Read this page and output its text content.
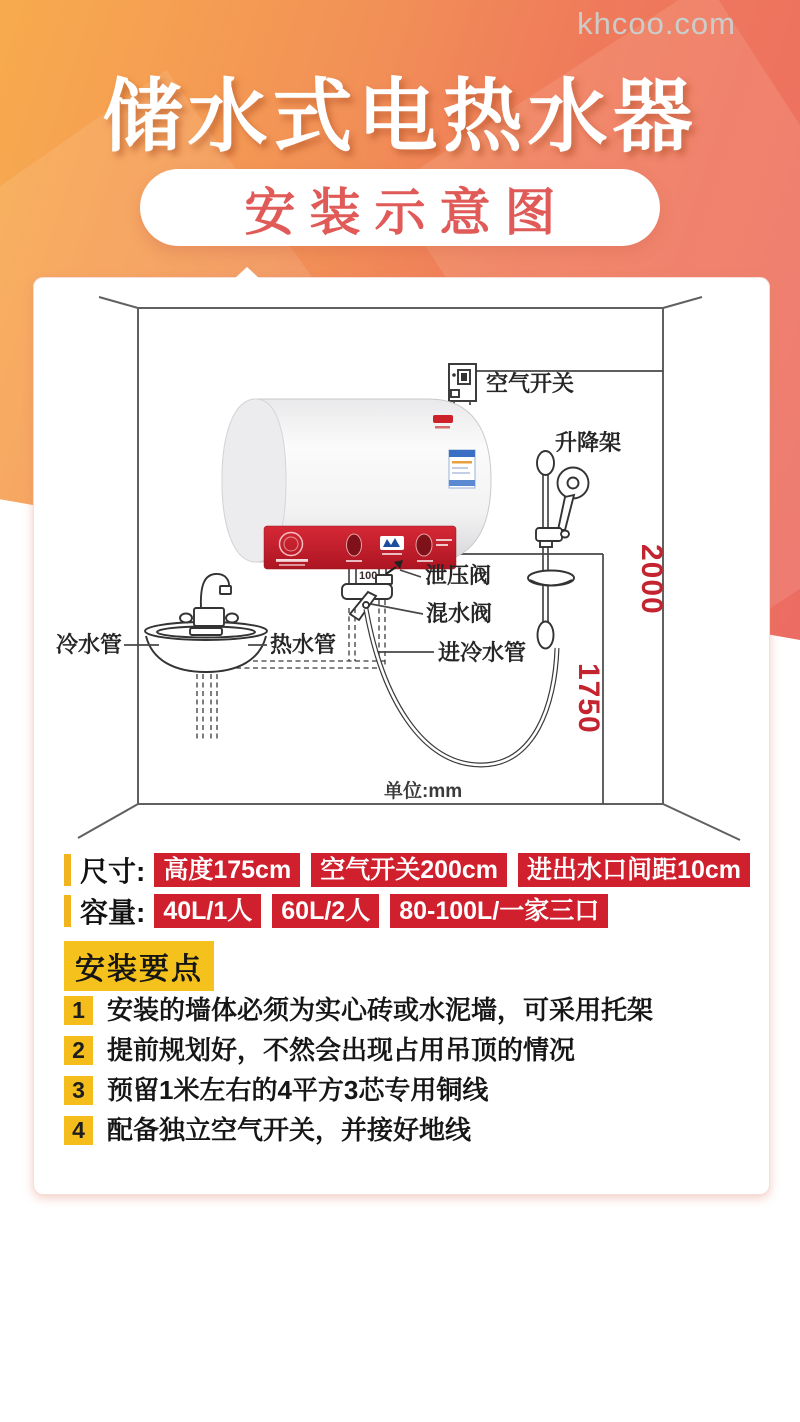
khcoo.com
储水式电热水器
安装示意图
100
空气开关
升降架
泄压阀
混水阀
进冷水管
冷水管	热水管
单位:mm
2000
1750
尺寸: 高度175cm	空气开关200cm	进出水口间距10cm
容量: 40L/1人	60L/2人	80-100L/一家三口
安装要点
1 安装的墙体必须为实心砖或水泥墙，可采用托架
2 提前规划好，不然会出现占用吊顶的情况
3 预留1米左右的4平方3芯专用铜线
4 配备独立空气开关，并接好地线
